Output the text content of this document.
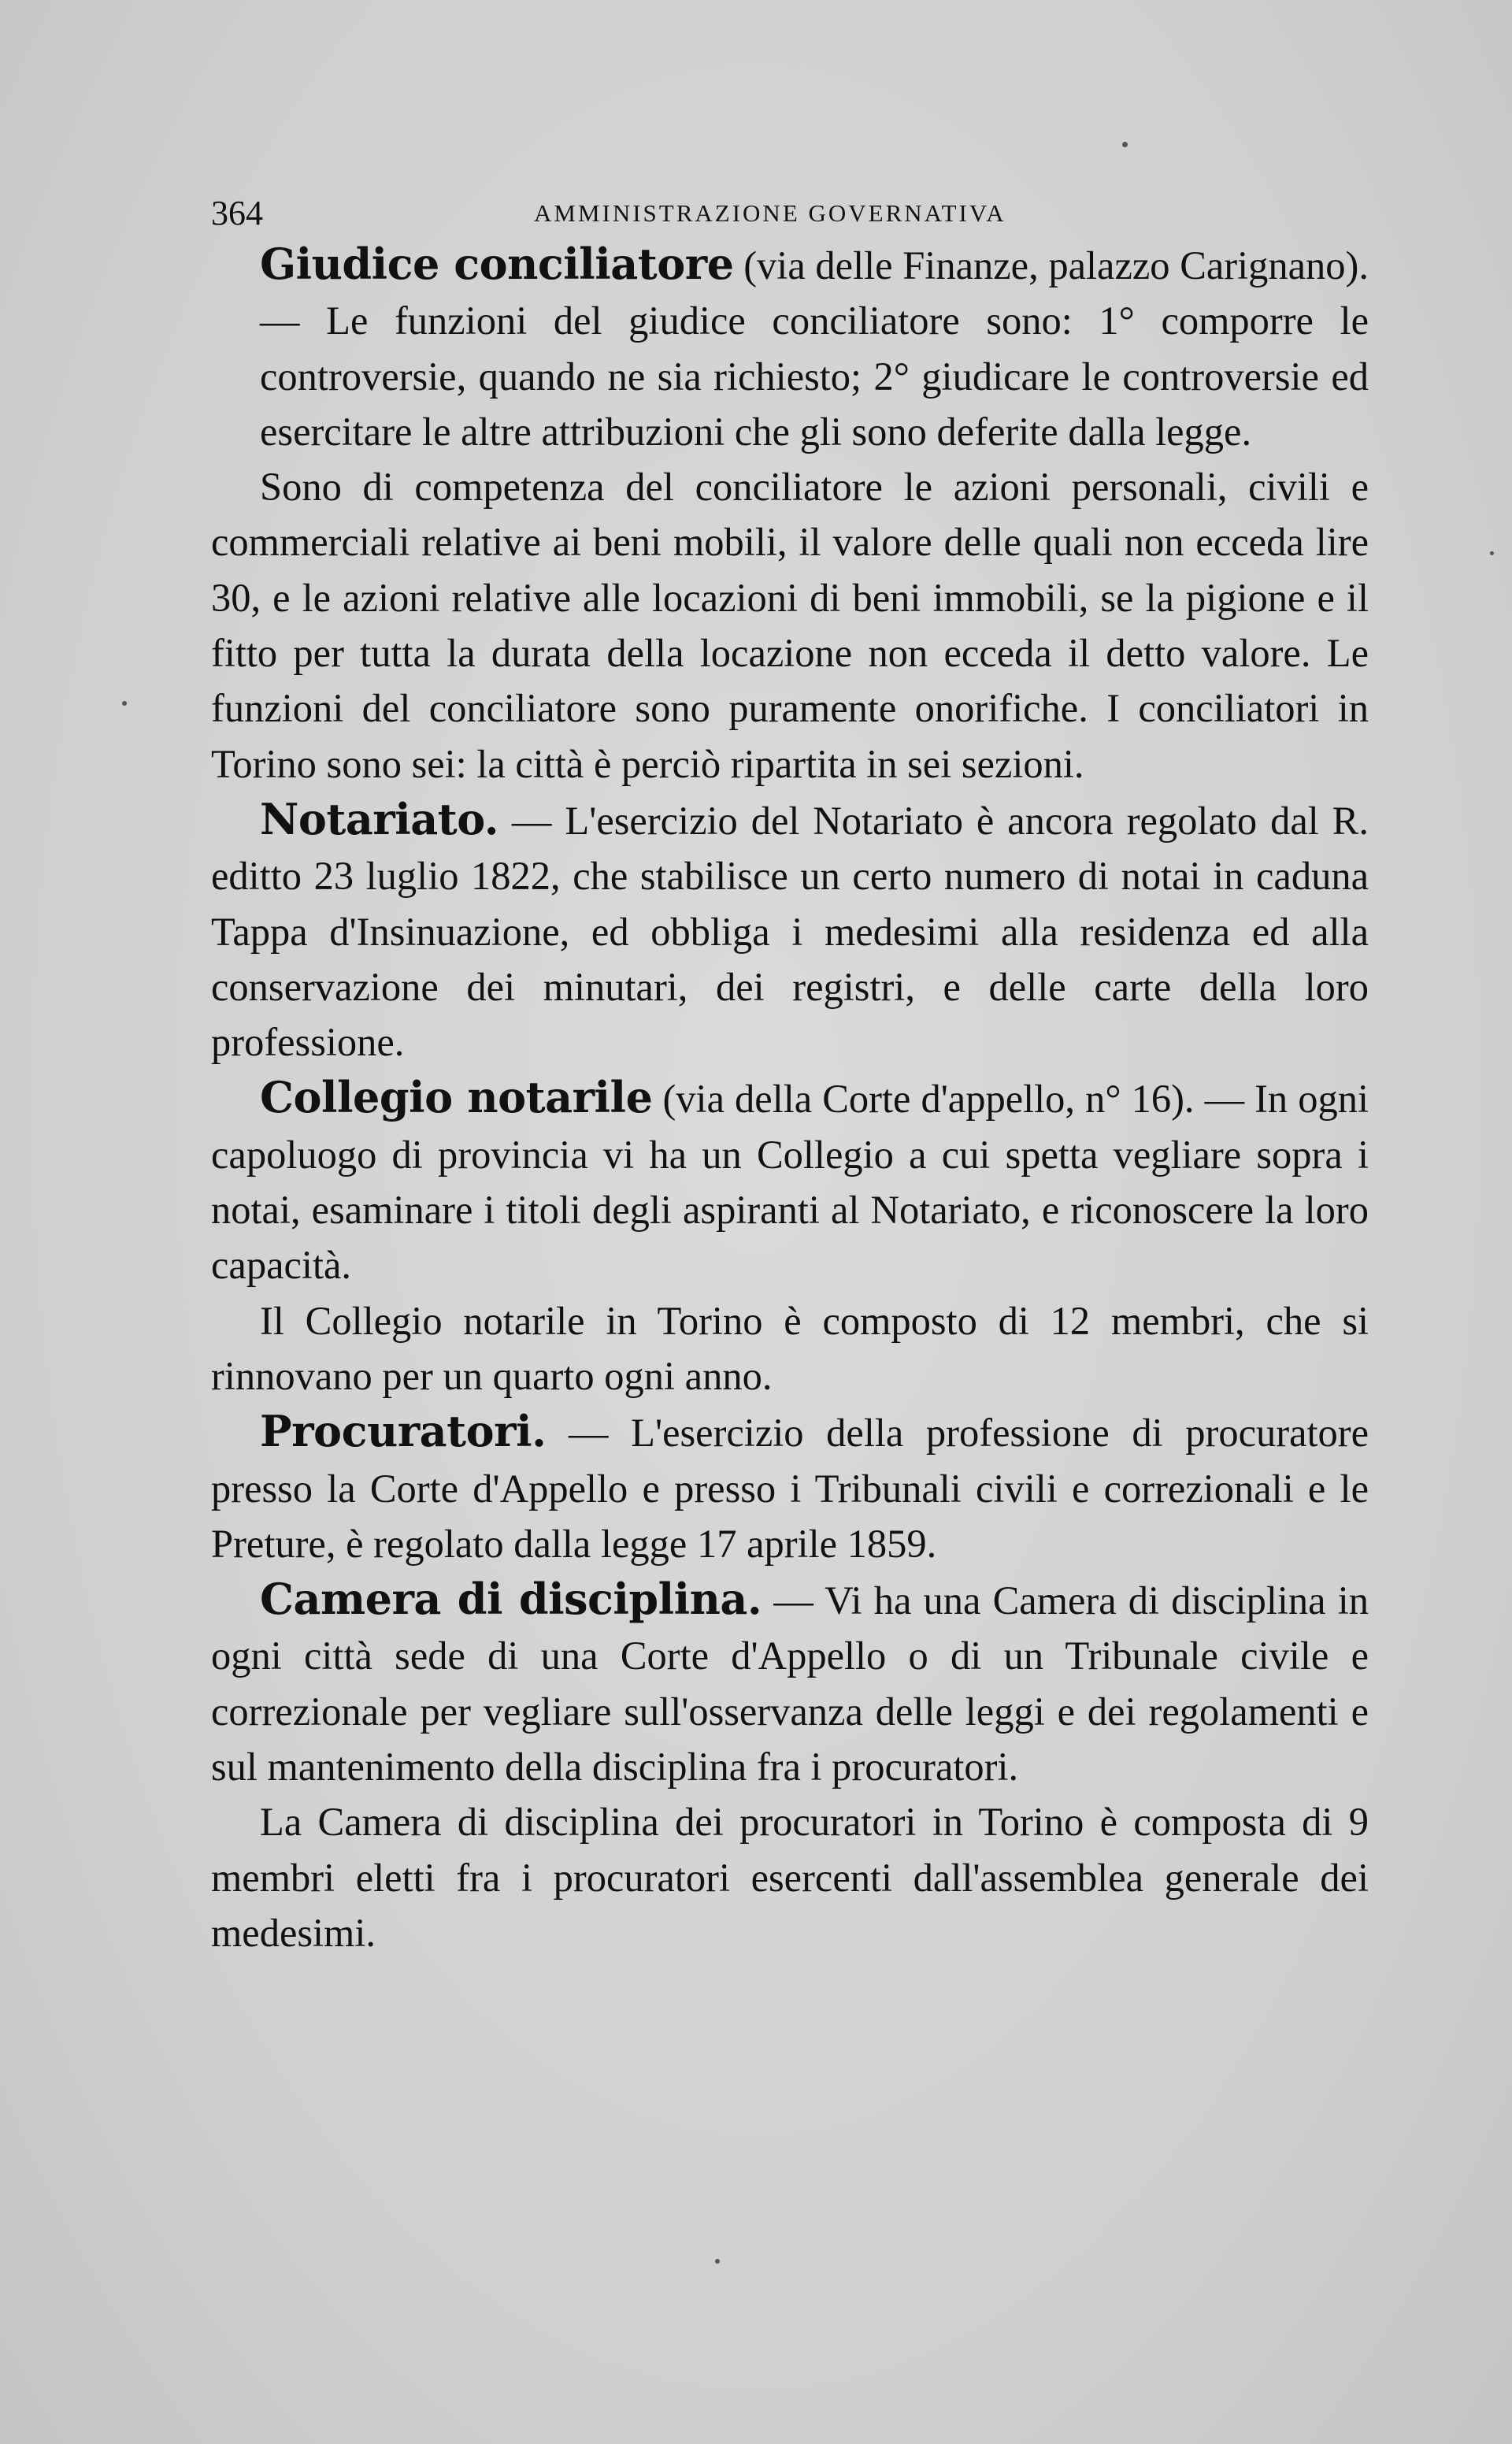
364	AMMINISTRAZIONE GOVERNATIVA

Giudice conciliatore (via delle Finanze, palazzo Carignano). — Le funzioni del giudice conciliatore sono: 1° comporre le controversie, quando ne sia richiesto; 2° giudicare le controversie ed esercitare le altre attribuzioni che gli sono deferite dalla legge.

Sono di competenza del conciliatore le azioni personali, civili e commerciali relative ai beni mobili, il valore delle quali non ecceda lire 30, e le azioni relative alle locazioni di beni immobili, se la pigione e il fitto per tutta la durata della locazione non ecceda il detto valore. Le funzioni del conciliatore sono puramente onorifiche. I conciliatori in Torino sono sei: la città è perciò ripartita in sei sezioni.

Notariato. — L'esercizio del Notariato è ancora regolato dal R. editto 23 luglio 1822, che stabilisce un certo numero di notai in caduna Tappa d'Insinuazione, ed obbliga i medesimi alla residenza ed alla conservazione dei minutari, dei registri, e delle carte della loro professione.

Collegio notarile (via della Corte d'appello, n° 16). — In ogni capoluogo di provincia vi ha un Collegio a cui spetta vegliare sopra i notai, esaminare i titoli degli aspiranti al Notariato, e riconoscere la loro capacità.

Il Collegio notarile in Torino è composto di 12 membri, che si rinnovano per un quarto ogni anno.

Procuratori. — L'esercizio della professione di procuratore presso la Corte d'Appello e presso i Tribunali civili e correzionali e le Preture, è regolato dalla legge 17 aprile 1859.

Camera di disciplina. — Vi ha una Camera di disciplina in ogni città sede di una Corte d'Appello o di un Tribunale civile e correzionale per vegliare sull'osservanza delle leggi e dei regolamenti e sul mantenimento della disciplina fra i procuratori.

La Camera di disciplina dei procuratori in Torino è composta di 9 membri eletti fra i procuratori esercenti dall'assemblea generale dei medesimi.
